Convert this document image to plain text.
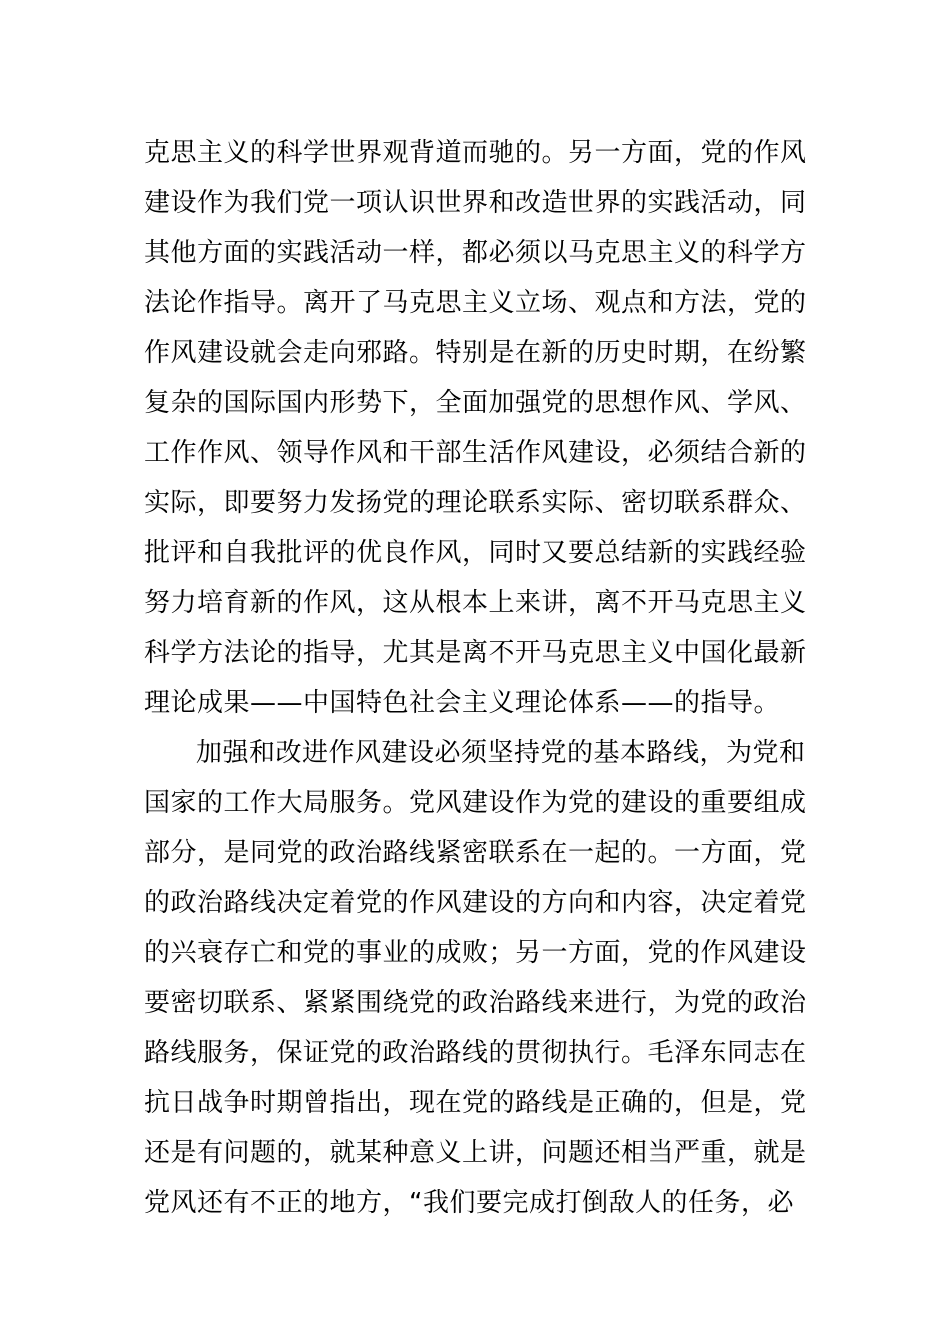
克思主义的科学世界观背道而驰的。另一方面，党的作风
建设作为我们党一项认识世界和改造世界的实践活动，同
其他方面的实践活动一样，都必须以马克思主义的科学方
法论作指导。离开了马克思主义立场、观点和方法，党的
作风建设就会走向邪路。特别是在新的历史时期，在纷繁
复杂的国际国内形势下，全面加强党的思想作风、学风、
工作作风、领导作风和干部生活作风建设，必须结合新的
实际，即要努力发扬党的理论联系实际、密切联系群众、
批评和自我批评的优良作风，同时又要总结新的实践经验
努力培育新的作风，这从根本上来讲，离不开马克思主义
科学方法论的指导，尤其是离不开马克思主义中国化最新
理论成果——中国特色社会主义理论体系——的指导。
加强和改进作风建设必须坚持党的基本路线，为党和
国家的工作大局服务。党风建设作为党的建设的重要组成
部分，是同党的政治路线紧密联系在一起的。一方面，党
的政治路线决定着党的作风建设的方向和内容，决定着党
的兴衰存亡和党的事业的成败；另一方面，党的作风建设
要密切联系、紧紧围绕党的政治路线来进行，为党的政治
路线服务，保证党的政治路线的贯彻执行。毛泽东同志在
抗日战争时期曾指出，现在党的路线是正确的，但是，党
还是有问题的，就某种意义上讲，问题还相当严重，就是
党风还有不正的地方，“我们要完成打倒敌人的任务，必
